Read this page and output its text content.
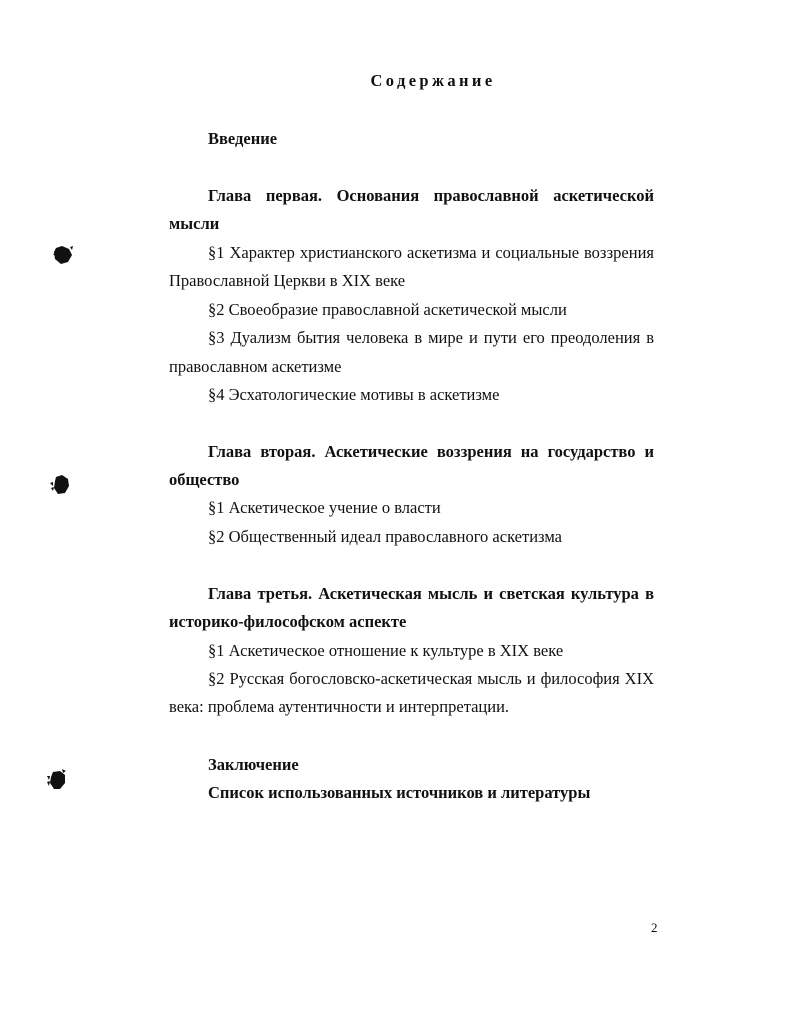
Содержание
Введение
Глава первая. Основания православной аскетической
мысли
§1 Характер христианского аскетизма и социальные воззрения
Православной Церкви в XIX веке
§2 Своеобразие православной аскетической мысли
§3 Дуализм бытия человека в мире и пути его преодоления в
православном аскетизме
§4 Эсхатологические мотивы в аскетизме
Глава вторая. Аскетические воззрения на государство и
общество
§1 Аскетическое учение о власти
§2 Общественный идеал православного аскетизма
Глава третья. Аскетическая мысль и светская культура в
историко-философском аспекте
§1 Аскетическое отношение к культуре в XIX веке
§2 Русская богословско-аскетическая мысль и философия XIX
века: проблема аутентичности и интерпретации.
Заключение
Список использованных источников и литературы
2
